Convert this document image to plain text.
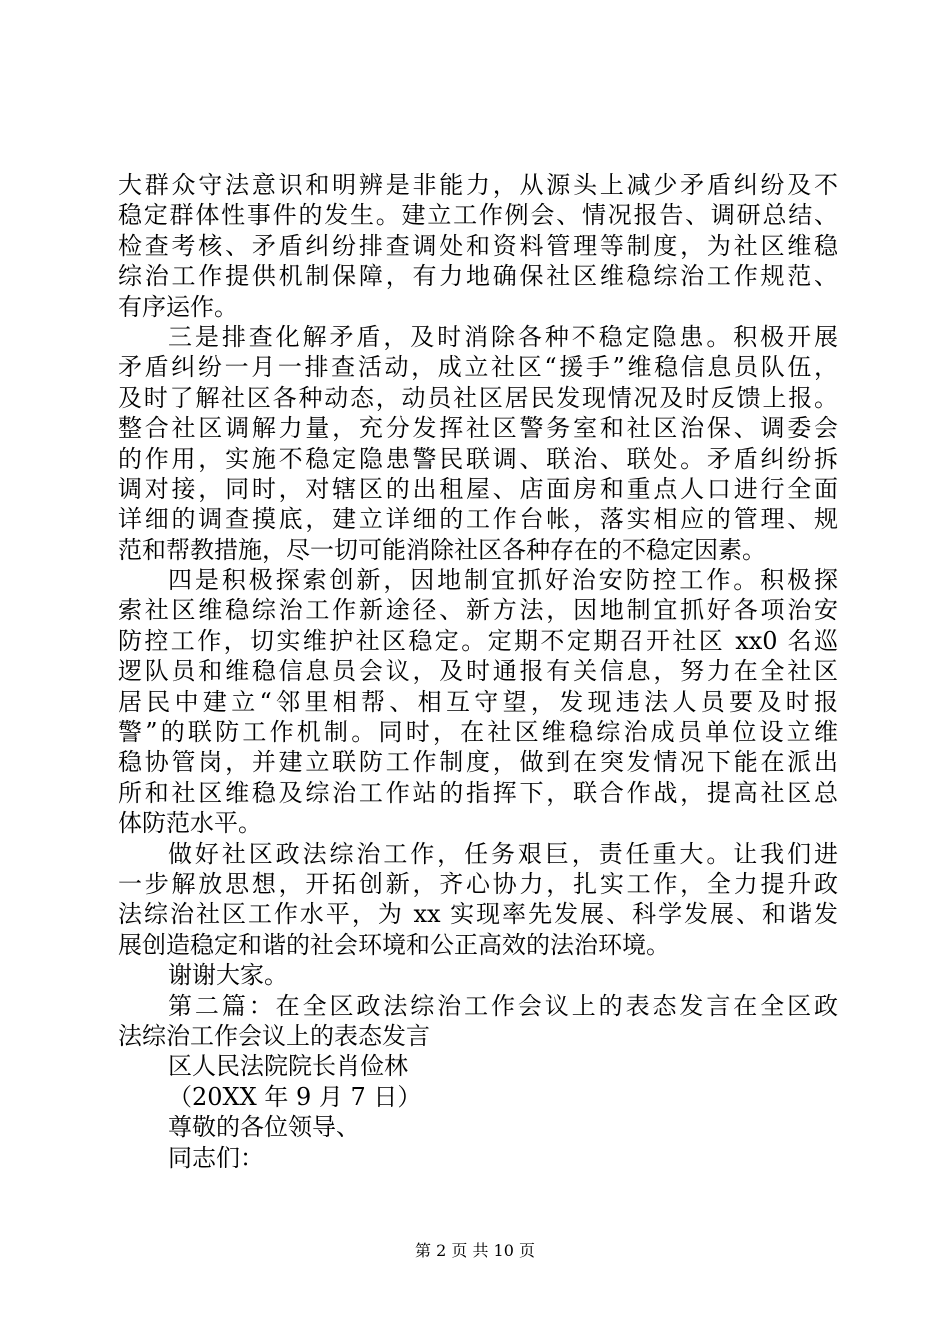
大群众守法意识和明辨是非能力，从源头上减少矛盾纠纷及不
稳定群体性事件的发生。建立工作例会、情况报告、调研总结、
检查考核、矛盾纠纷排查调处和资料管理等制度，为社区维稳
综治工作提供机制保障，有力地确保社区维稳综治工作规范、
有序运作。
三是排查化解矛盾，及时消除各种不稳定隐患。积极开展
矛盾纠纷一月一排查活动，成立社区“援手”维稳信息员队伍，
及时了解社区各种动态，动员社区居民发现情况及时反馈上报。
整合社区调解力量，充分发挥社区警务室和社区治保、调委会
的作用，实施不稳定隐患警民联调、联治、联处。矛盾纠纷拆
调对接，同时，对辖区的出租屋、店面房和重点人口进行全面
详细的调查摸底，建立详细的工作台帐，落实相应的管理、规
范和帮教措施，尽一切可能消除社区各种存在的不稳定因素。
四是积极探索创新，因地制宜抓好治安防控工作。积极探
索社区维稳综治工作新途径、新方法，因地制宜抓好各项治安
防控工作，切实维护社区稳定。定期不定期召开社区 xx0 名巡
逻队员和维稳信息员会议，及时通报有关信息，努力在全社区
居民中建立“邻里相帮、相互守望，发现违法人员要及时报
警”的联防工作机制。同时，在社区维稳综治成员单位设立维
稳协管岗，并建立联防工作制度，做到在突发情况下能在派出
所和社区维稳及综治工作站的指挥下，联合作战，提高社区总
体防范水平。
做好社区政法综治工作，任务艰巨，责任重大。让我们进
一步解放思想，开拓创新，齐心协力，扎实工作，全力提升政
法综治社区工作水平，为 xx 实现率先发展、科学发展、和谐发
展创造稳定和谐的社会环境和公正高效的法治环境。
谢谢大家。
第二篇：在全区政法综治工作会议上的表态发言在全区政
法综治工作会议上的表态发言
区人民法院院长肖俭林
（20XX 年 9 月 7 日）
尊敬的各位领导、
同志们：
第 2 页 共 10 页
